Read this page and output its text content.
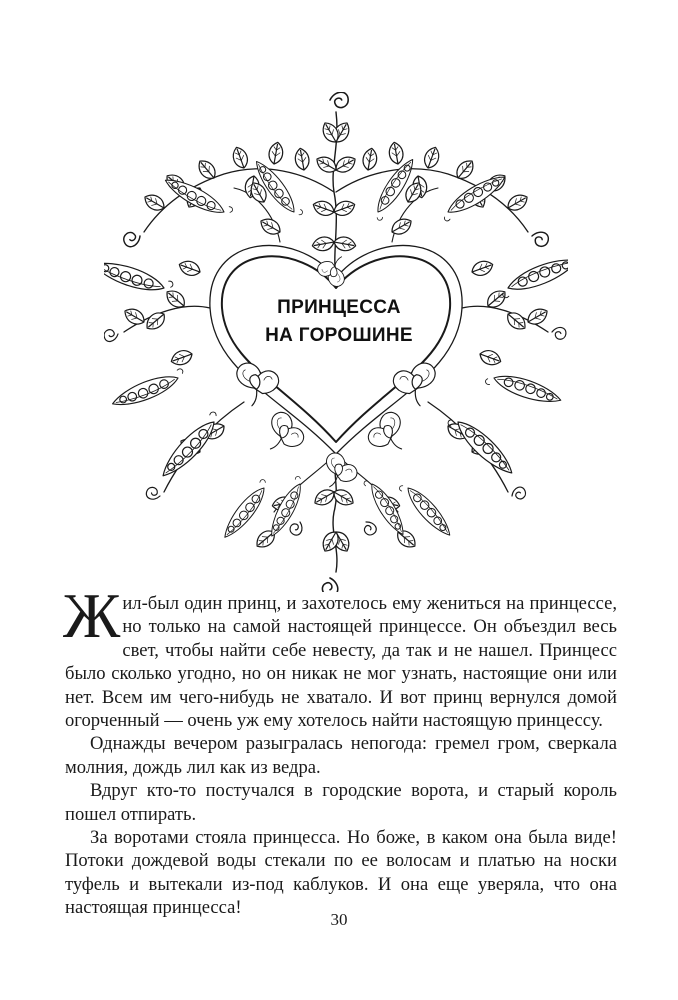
ПРИНЦЕССА
НА ГОРОШИНЕ

Жил-был один принц, и захотелось ему жениться на принцессе, но только на самой настоящей принцессе. Он объездил весь свет, чтобы найти себе невесту, да так и не нашел. Принцесс было сколько угодно, но он никак не мог узнать, настоящие они или нет. Всем им чего-нибудь не хватало. И вот принц вернулся домой огорченный — очень уж ему хотелось найти настоящую принцессу.

Однажды вечером разыгралась непогода: гремел гром, сверкала молния, дождь лил как из ведра.

Вдруг кто-то постучался в городские ворота, и старый король пошел отпирать.

За воротами стояла принцесса. Но боже, в каком она была виде! Потоки дождевой воды стекали по ее волосам и платью на носки туфель и вытекали из-под каблуков. И она еще уверяла, что она настоящая принцесса!

30
